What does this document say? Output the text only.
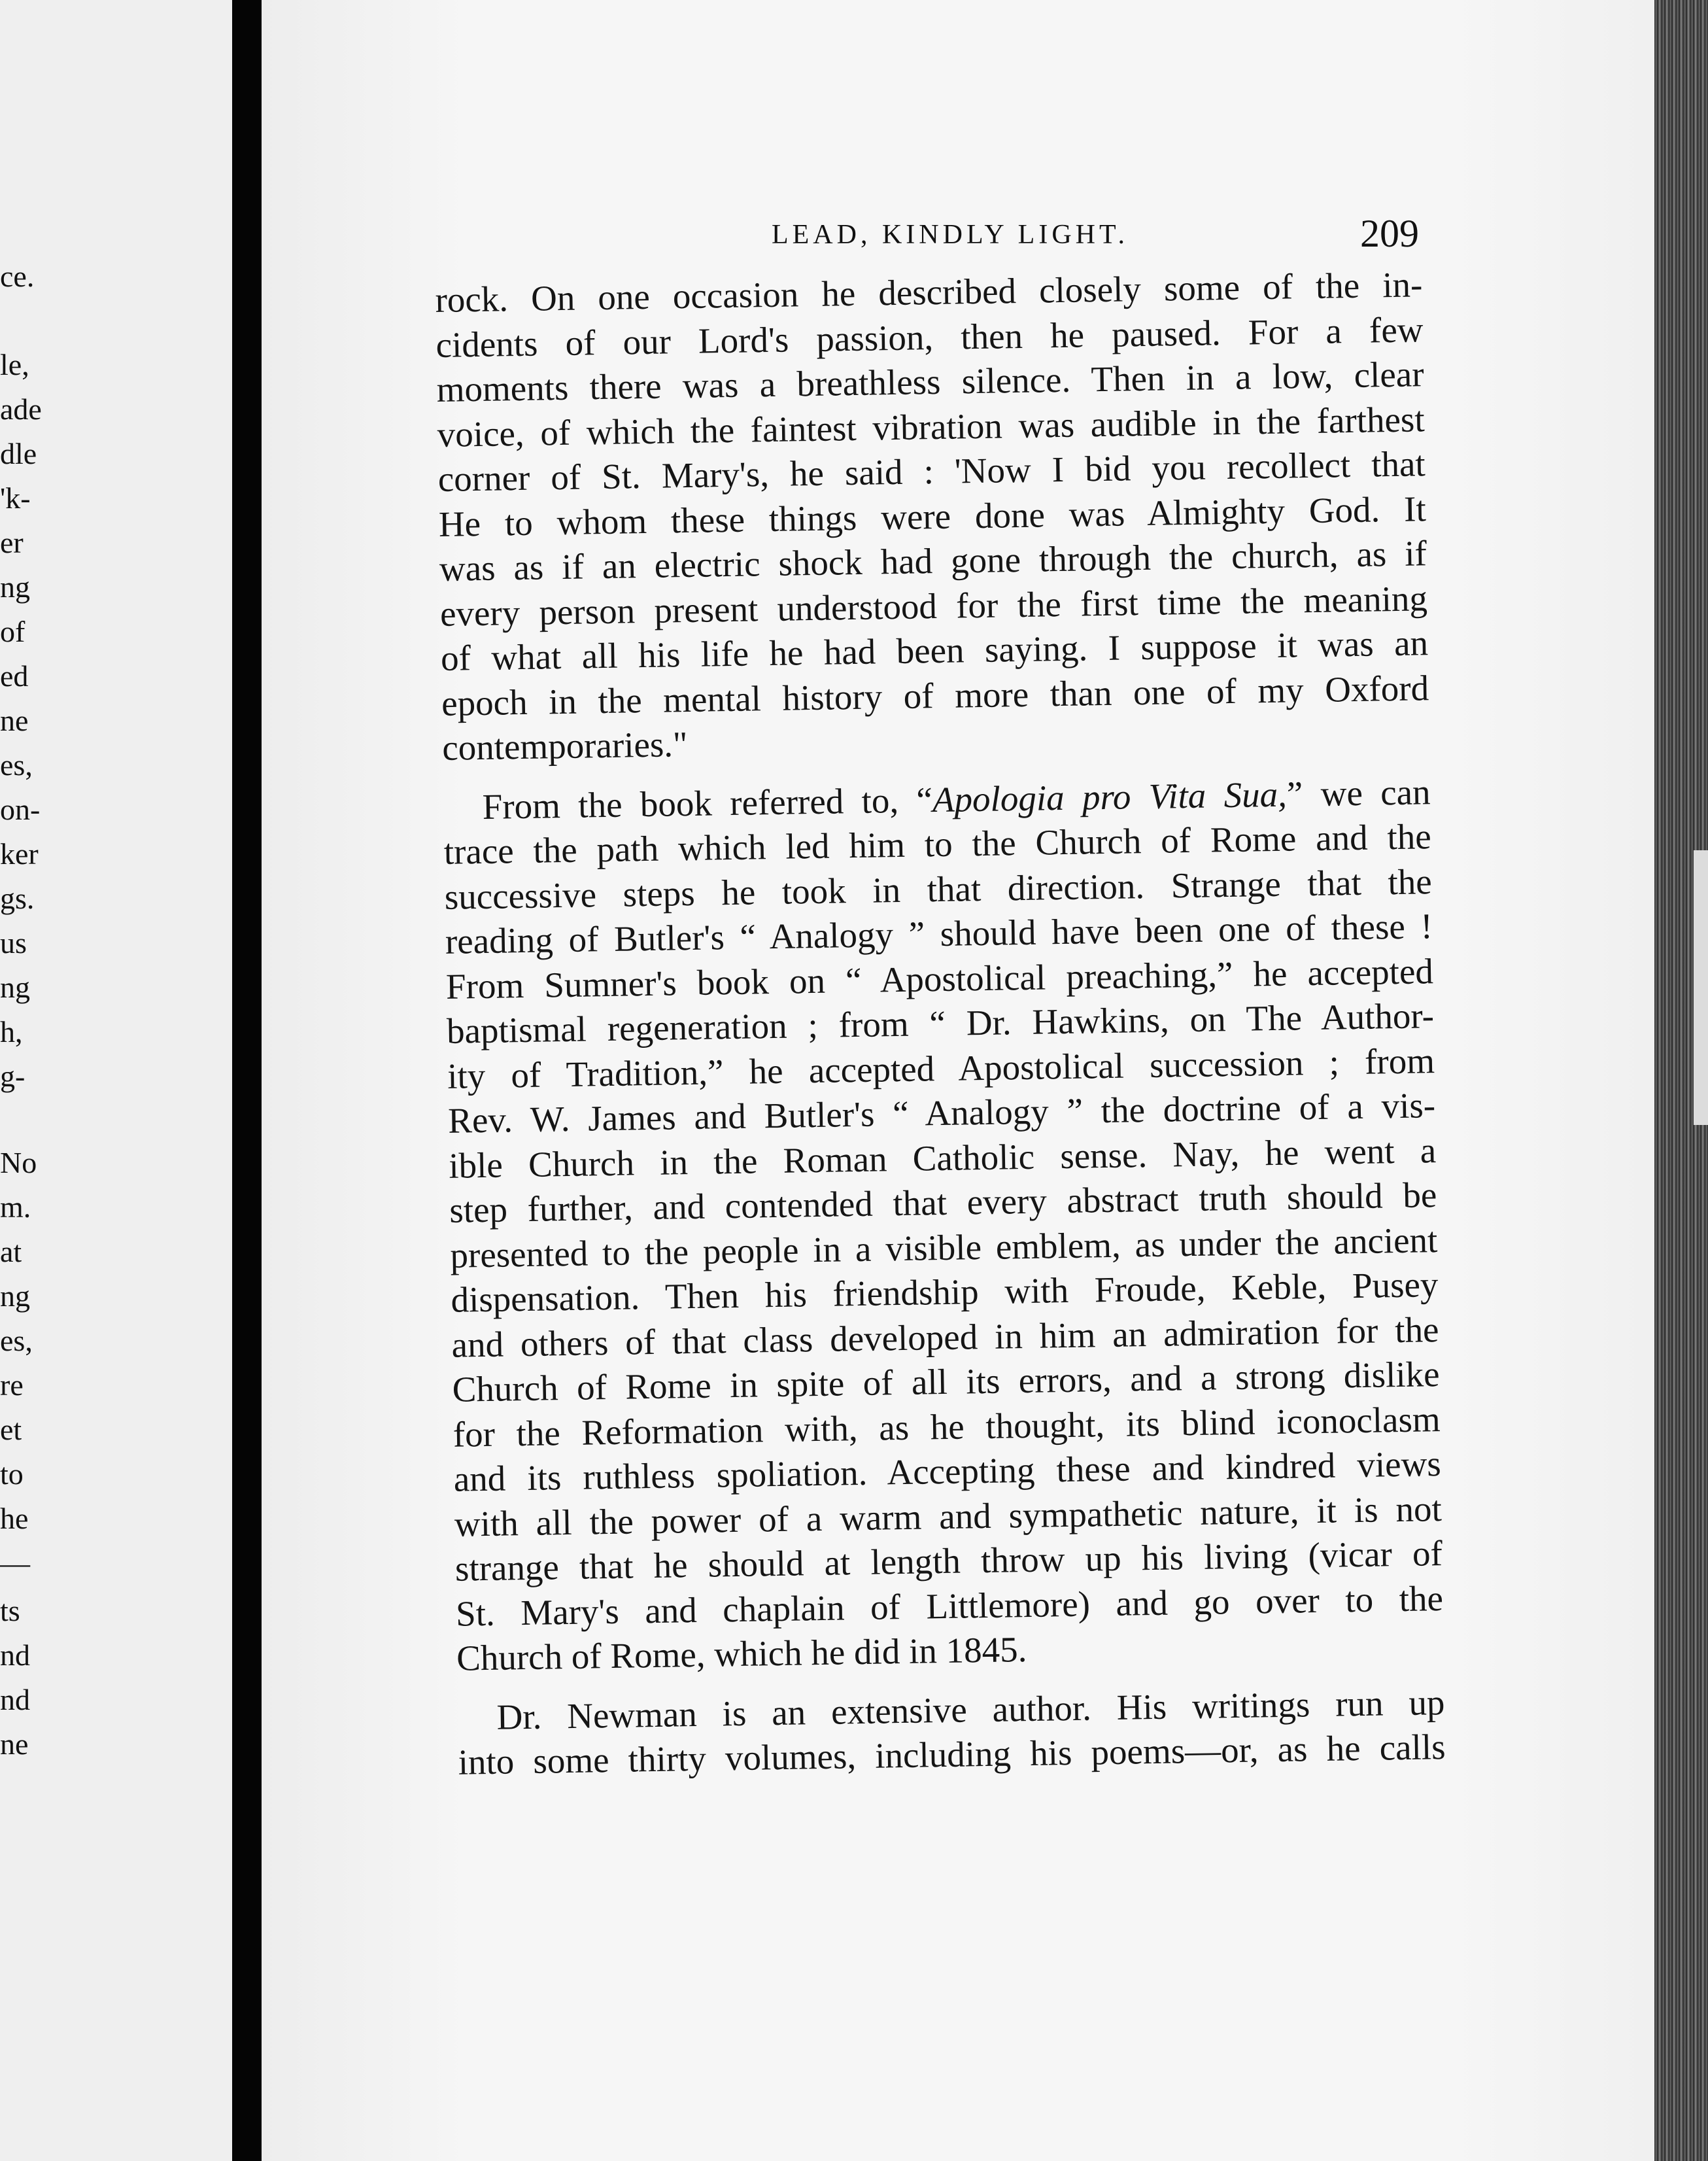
ce.
le,
ade
dle
'k-
er
ng
of
ed
ne
es,
on-
ker
gs.
us
ng
h,
g-
No
m.
at
ng
es,
re
et
to
he
—
ts
nd
nd
ne
LEAD, KINDLY LIGHT.	209
rock. On one occasion he described closely some of the in-
cidents of our Lord's passion, then he paused. For a few
moments there was a breathless silence. Then in a low, clear
voice, of which the faintest vibration was audible in the farthest
corner of St. Mary's, he said : 'Now I bid you recollect that
He to whom these things were done was Almighty God. It
was as if an electric shock had gone through the church, as if
every person present understood for the first time the meaning
of what all his life he had been saying. I suppose it was an
epoch in the mental history of more than one of my Oxford
contemporaries."
From the book referred to, “Apologia pro Vita Sua,” we can
trace the path which led him to the Church of Rome and the
successive steps he took in that direction. Strange that the
reading of Butler's “ Analogy ” should have been one of these !
From Sumner's book on “ Apostolical preaching,” he accepted
baptismal regeneration ; from “ Dr. Hawkins, on The Author-
ity of Tradition,” he accepted Apostolical succession ; from
Rev. W. James and Butler's “ Analogy ” the doctrine of a vis-
ible Church in the Roman Catholic sense. Nay, he went a
step further, and contended that every abstract truth should be
presented to the people in a visible emblem, as under the ancient
dispensation. Then his friendship with Froude, Keble, Pusey
and others of that class developed in him an admiration for the
Church of Rome in spite of all its errors, and a strong dislike
for the Reformation with, as he thought, its blind iconoclasm
and its ruthless spoliation. Accepting these and kindred views
with all the power of a warm and sympathetic nature, it is not
strange that he should at length throw up his living (vicar of
St. Mary's and chaplain of Littlemore) and go over to the
Church of Rome, which he did in 1845.
Dr. Newman is an extensive author. His writings run up
into some thirty volumes, including his poems—or, as he calls
